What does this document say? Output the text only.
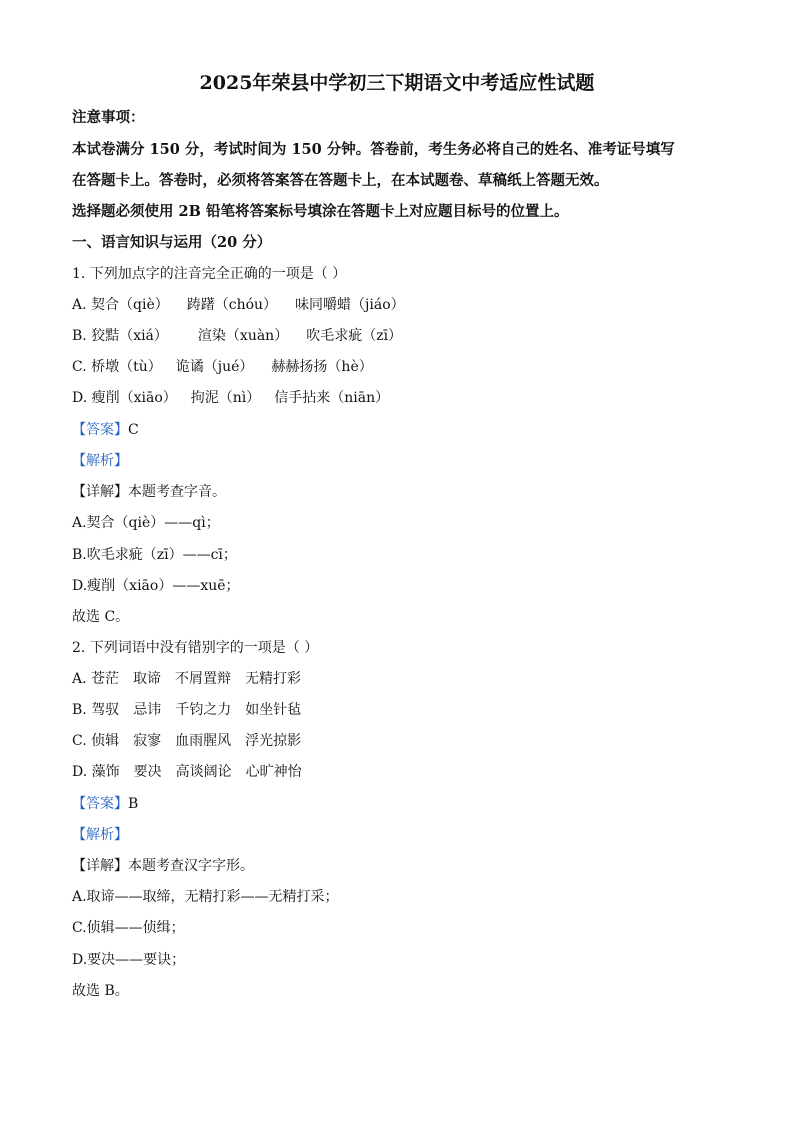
2025年荣县中学初三下期语文中考适应性试题
注意事项：
本试卷满分 150 分，考试时间为 150 分钟。答卷前，考生务必将自己的姓名、准考证号填写
在答题卡上。答卷时，必须将答案答在答题卡上，在本试题卷、草稿纸上答题无效。
选择题必须使用 2B 铅笔将答案标号填涂在答题卡上对应题目标号的位置上。
一、语言知识与运用（20 分）
1. 下列加点字的注音完全正确的一项是（ ）
A. 契合（qiè） 踌躇（chóu） 味同嚼蜡（jiáo）
B. 狡黠（xiá） 渲染（xuàn） 吹毛求疵（zī）
C. 桥墩（tù） 诡谲（jué） 赫赫扬扬（hè）
D. 瘦削（xiāo） 拘泥（nì） 信手拈来（niān）
【答案】C
【解析】
【详解】本题考查字音。
A.契合（qiè）——qì；
B.吹毛求疵（zī）——cī；
D.瘦削（xiāo）——xuē；
故选 C。
2. 下列词语中没有错别字的一项是（ ）
A. 苍茫 取谛 不屑置辩 无精打彩
B. 驾驭 忌讳 千钧之力 如坐针毡
C. 侦辑 寂寥 血雨腥风 浮光掠影
D. 藻饰 要决 高谈阔论 心旷神怡
【答案】B
【解析】
【详解】本题考查汉字字形。
A.取谛——取缔，无精打彩——无精打采；
C.侦辑——侦缉；
D.要决——要诀；
故选 B。
